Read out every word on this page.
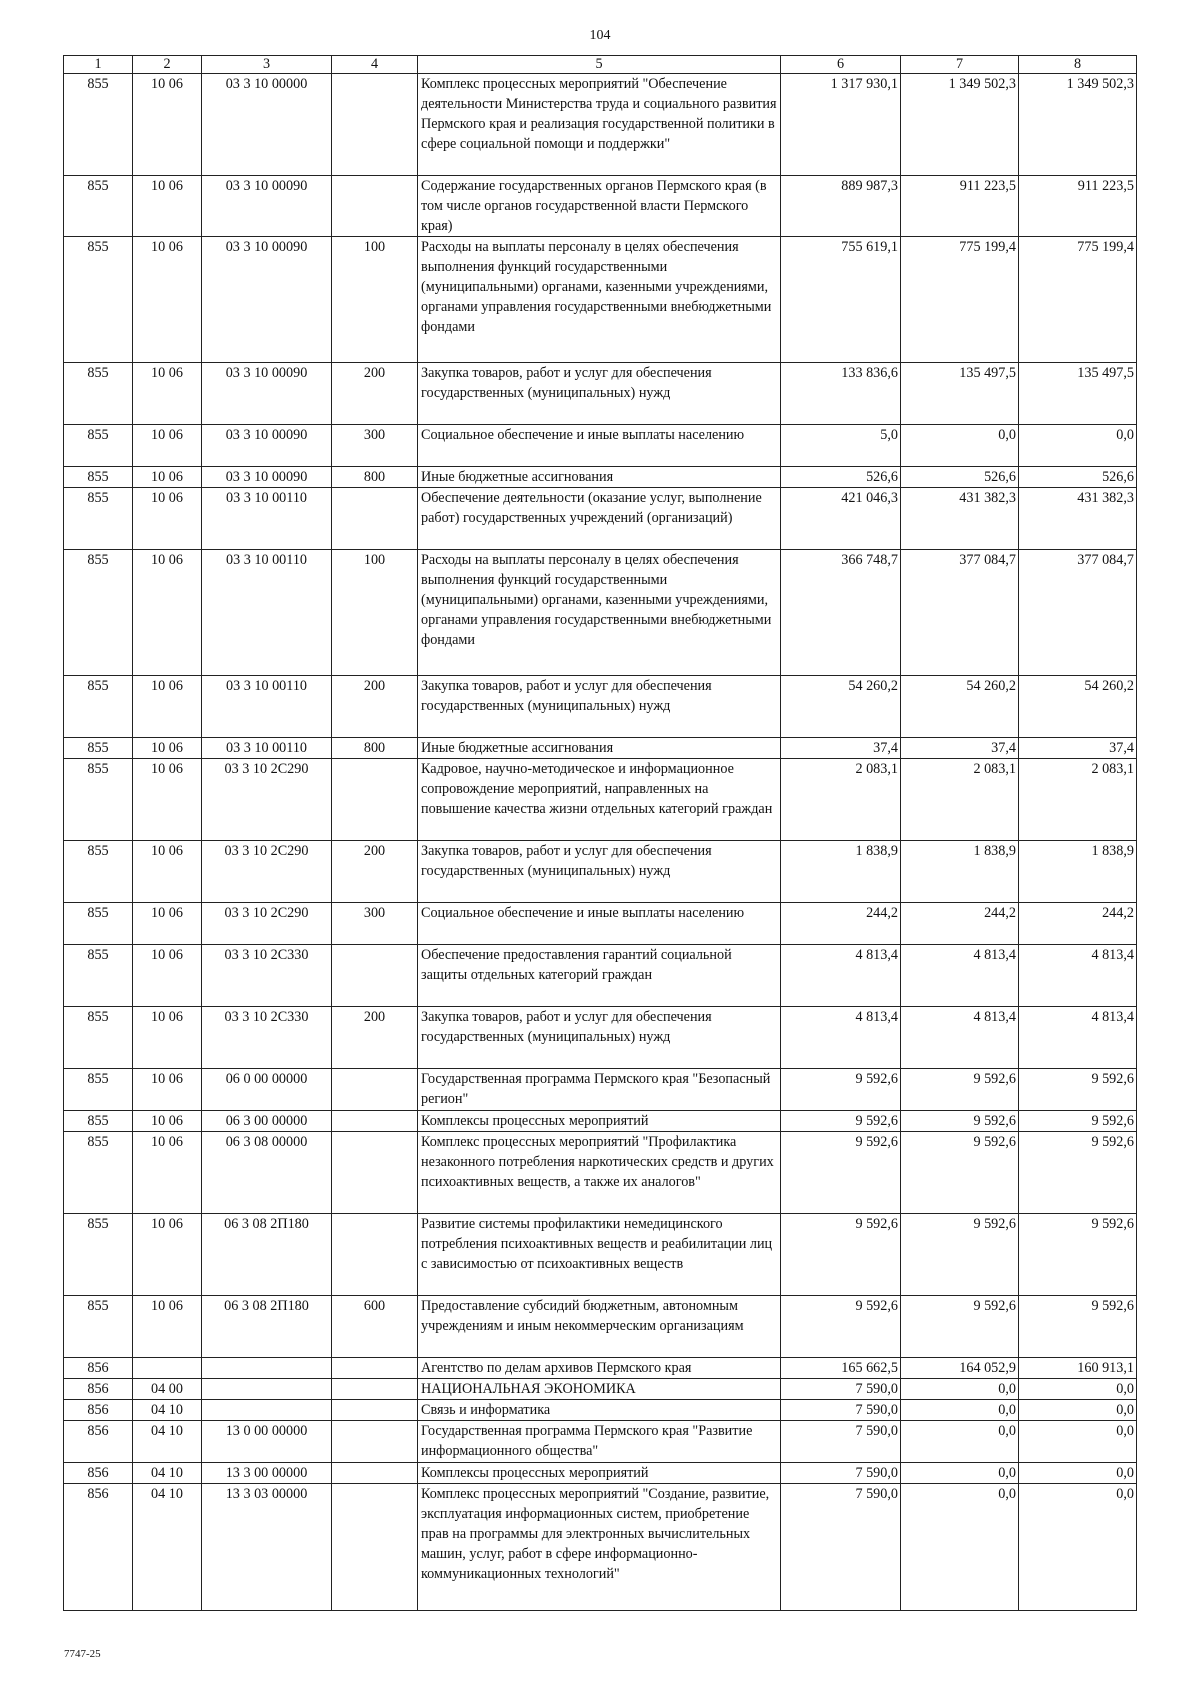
104
1	2	3	4	5	6	7	8
855	10 06	03 3 10 00000		Комплекс процессных мероприятий "Обеспечение деятельности Министерства труда и социального развития Пермского края и реализация государственной политики в сфере социальной помощи и поддержки"	1 317 930,1	1 349 502,3	1 349 502,3
855	10 06	03 3 10 00090		Содержание государственных органов Пермского края (в том числе органов государственной власти Пермского края)	889 987,3	911 223,5	911 223,5
855	10 06	03 3 10 00090	100	Расходы на выплаты персоналу в целях обеспечения выполнения функций государственными (муниципальными) органами, казенными учреждениями, органами управления государственными внебюджетными фондами	755 619,1	775 199,4	775 199,4
855	10 06	03 3 10 00090	200	Закупка товаров, работ и услуг для обеспечения государственных (муниципальных) нужд	133 836,6	135 497,5	135 497,5
855	10 06	03 3 10 00090	300	Социальное обеспечение и иные выплаты населению	5,0	0,0	0,0
855	10 06	03 3 10 00090	800	Иные бюджетные ассигнования	526,6	526,6	526,6
855	10 06	03 3 10 00110		Обеспечение деятельности (оказание услуг, выполнение работ) государственных учреждений (организаций)	421 046,3	431 382,3	431 382,3
855	10 06	03 3 10 00110	100	Расходы на выплаты персоналу в целях обеспечения выполнения функций государственными (муниципальными) органами, казенными учреждениями, органами управления государственными внебюджетными фондами	366 748,7	377 084,7	377 084,7
855	10 06	03 3 10 00110	200	Закупка товаров, работ и услуг для обеспечения государственных (муниципальных) нужд	54 260,2	54 260,2	54 260,2
855	10 06	03 3 10 00110	800	Иные бюджетные ассигнования	37,4	37,4	37,4
855	10 06	03 3 10 2C290		Кадровое, научно-методическое и информационное сопровождение мероприятий, направленных на повышение качества жизни отдельных категорий граждан	2 083,1	2 083,1	2 083,1
855	10 06	03 3 10 2C290	200	Закупка товаров, работ и услуг для обеспечения государственных (муниципальных) нужд	1 838,9	1 838,9	1 838,9
855	10 06	03 3 10 2C290	300	Социальное обеспечение и иные выплаты населению	244,2	244,2	244,2
855	10 06	03 3 10 2C330		Обеспечение предоставления гарантий социальной защиты отдельных категорий граждан	4 813,4	4 813,4	4 813,4
855	10 06	03 3 10 2C330	200	Закупка товаров, работ и услуг для обеспечения государственных (муниципальных) нужд	4 813,4	4 813,4	4 813,4
855	10 06	06 0 00 00000		Государственная программа Пермского края "Безопасный регион"	9 592,6	9 592,6	9 592,6
855	10 06	06 3 00 00000		Комплексы процессных мероприятий	9 592,6	9 592,6	9 592,6
855	10 06	06 3 08 00000		Комплекс процессных мероприятий "Профилактика незаконного потребления наркотических средств и других психоактивных веществ, а также их аналогов"	9 592,6	9 592,6	9 592,6
855	10 06	06 3 08 2П180		Развитие системы профилактики немедицинского потребления психоактивных веществ и реабилитации лиц с зависимостью от психоактивных веществ	9 592,6	9 592,6	9 592,6
855	10 06	06 3 08 2П180	600	Предоставление субсидий бюджетным, автономным учреждениям и иным некоммерческим организациям	9 592,6	9 592,6	9 592,6
856				Агентство по делам архивов Пермского края	165 662,5	164 052,9	160 913,1
856	04 00			НАЦИОНАЛЬНАЯ ЭКОНОМИКА	7 590,0	0,0	0,0
856	04 10			Связь и информатика	7 590,0	0,0	0,0
856	04 10	13 0 00 00000		Государственная программа Пермского края "Развитие информационного общества"	7 590,0	0,0	0,0
856	04 10	13 3 00 00000		Комплексы процессных мероприятий	7 590,0	0,0	0,0
856	04 10	13 3 03 00000		Комплекс процессных мероприятий "Создание, развитие, эксплуатация информационных систем, приобретение прав на программы для электронных вычислительных машин, услуг, работ в сфере информационно-коммуникационных технологий"	7 590,0	0,0	0,0
7747-25
